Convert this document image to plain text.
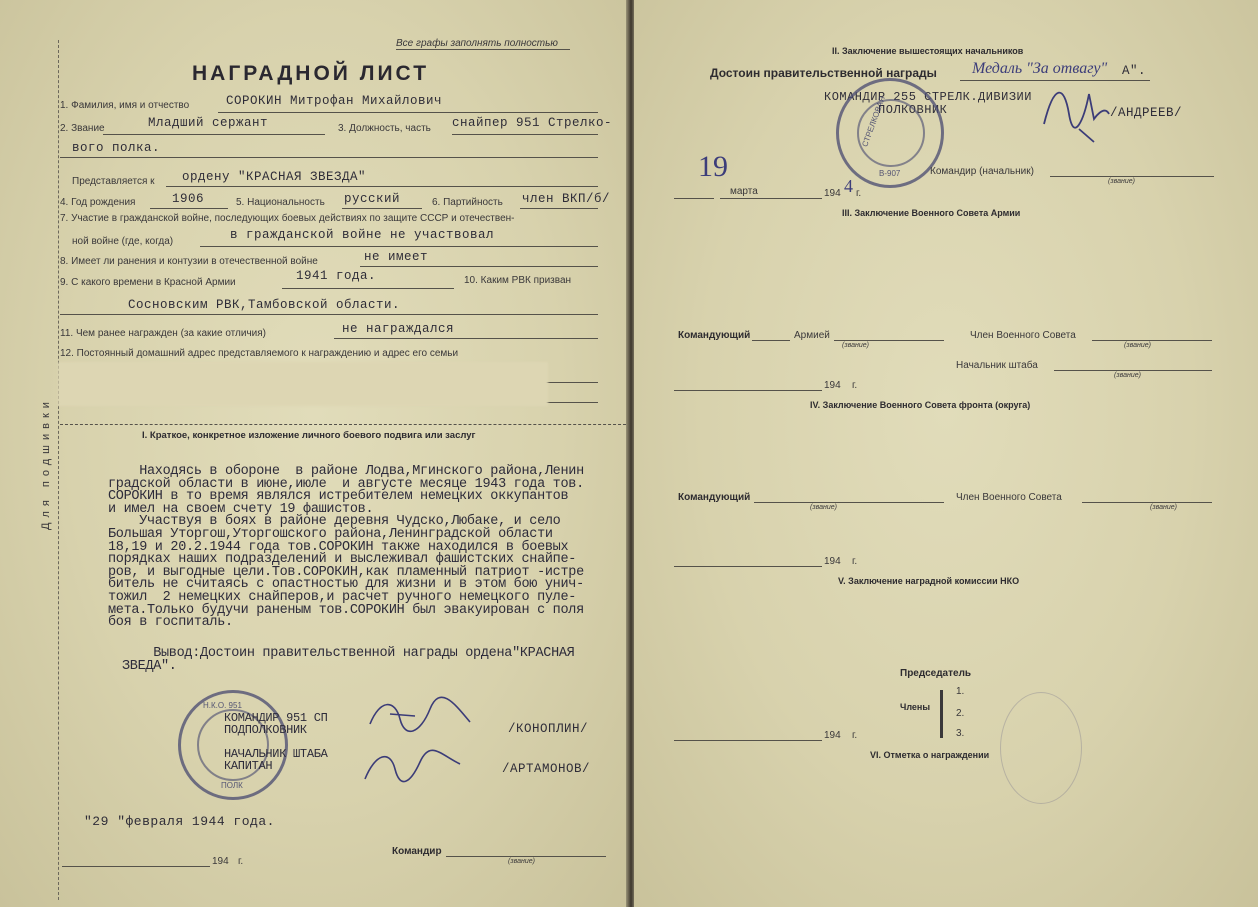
Для подшивки
Все графы заполнять полностью
НАГРАДНОЙ ЛИСТ
1. Фамилия, имя и отчество	СОРОКИН Митрофан Михайлович
2. Звание	Младший сержант	3. Должность, часть снайпер 951 Стрелко-
вого полка.
Представляется к ордену "КРАСНАЯ ЗВЕЗДА"
4. Год рождения	1906	5. Национальность русский	6. Партийность член ВКП/б/
7. Участие в гражданской войне, последующих боевых действиях по защите СССР и отечествен-
ной войне (где, когда)	в гражданской войне не участвовал
8. Имеет ли ранения и контузии в отечественной войне	не имеет
9. С какого времени в Красной Армии	1941 года.	10. Каким РВК призван
Сосновским РВК,Тамбовской области.
11. Чем ранее награжден (за какие отличия)	не награждался
12. Постоянный домашний адрес представляемого к награждению и адрес его семьи
I. Краткое, конкретное изложение личного боевого подвига или заслуг
Находясь в обороне  в районе Лодва,Мгинского района,Ленин
градской области в июне,июле  и августе месяце 1943 года тов.
СОРОКИН в то время являлся истребителем немецких оккупантов
и имел на своем счету 19 фашистов.
Участвуя в боях в районе деревня Чудско,Любаке, и село
Большая Уторгош,Уторгошского района,Ленинградской области
18,19 и 20.2.1944 года тов.СОРОКИН также находился в боевых
порядках наших подразделений и выслеживал фашистских снайпе-
ров, и выгодные цели.Тов.СОРОКИН,как пламенный патриот -истре
битель не считаясь с опастностью для жизни и в этом бою унич-
тожил  2 немецких снайперов,и расчет ручного немецкого пуле-
мета.Только будучи раненым тов.СОРОКИН был эвакуирован с поля
боя в госпиталь.
Вывод:Достоин правительственной награды ордена"КРАСНАЯ
ЗВЕДА".
Н.К.О. 951
ПОЛК
КОМАНДИР 951 СП
ПОДПОЛКОВНИК

НАЧАЛЬНИК ШТАБА
КАПИТАН
/КОНОПЛИН/
/АРТАМОНОВ/
"29 "февраля 1944 года.
194 г.
Командир
(звание)
II. Заключение вышестоящих начальников
Достоин правительственной награды Медаль "За отвагу" А".
КОМАНДИР 255 СТРЕЛК.ДИВИЗИИ
ПОЛКОВНИК	/АНДРЕЕВ/
СТРЕЛКОВАЯ
В-907
19
марта	194 4 г.
Командир (начальник)
(звание)
III. Заключение Военного Совета Армии
Командующий	Армией
(звание)
Член Военного Совета
(звание)
Начальник штаба
(звание)
194 г.
IV. Заключение Военного Совета фронта (округа)
Командующий
(звание)
Член Военного Совета
(звание)
194 г.
V. Заключение наградной комиссии НКО
Председатель
Члены
1.
2.
3.
194 г.
VI. Отметка о награждении
